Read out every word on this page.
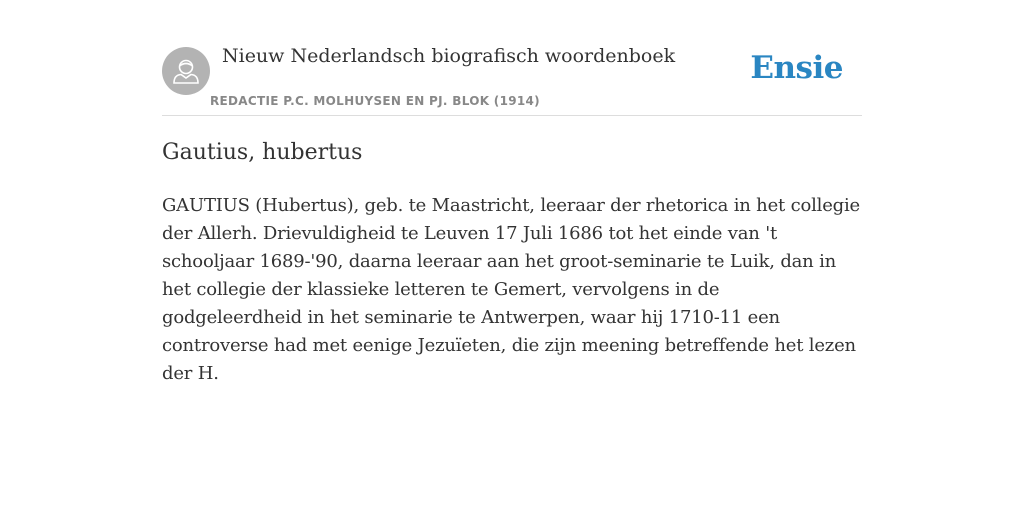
Nieuw Nederlandsch biografisch woordenboek
REDACTIE P.C. MOLHUYSEN EN PJ. BLOK (1914)
Ensie
Gautius, hubertus

GAUTIUS (Hubertus), geb. te Maastricht, leeraar der rhetorica in het collegie der Allerh. Drievuldigheid te Leuven 17 Juli 1686 tot het einde van 't schooljaar 1689-'90, daarna leeraar aan het groot-seminarie te Luik, dan in het collegie der klassieke letteren te Gemert, vervolgens in de godgeleerdheid in het seminarie te Antwerpen, waar hij 1710-11 een controverse had met eenige Jezuïeten, die zijn meening betreffende het lezen der H.
